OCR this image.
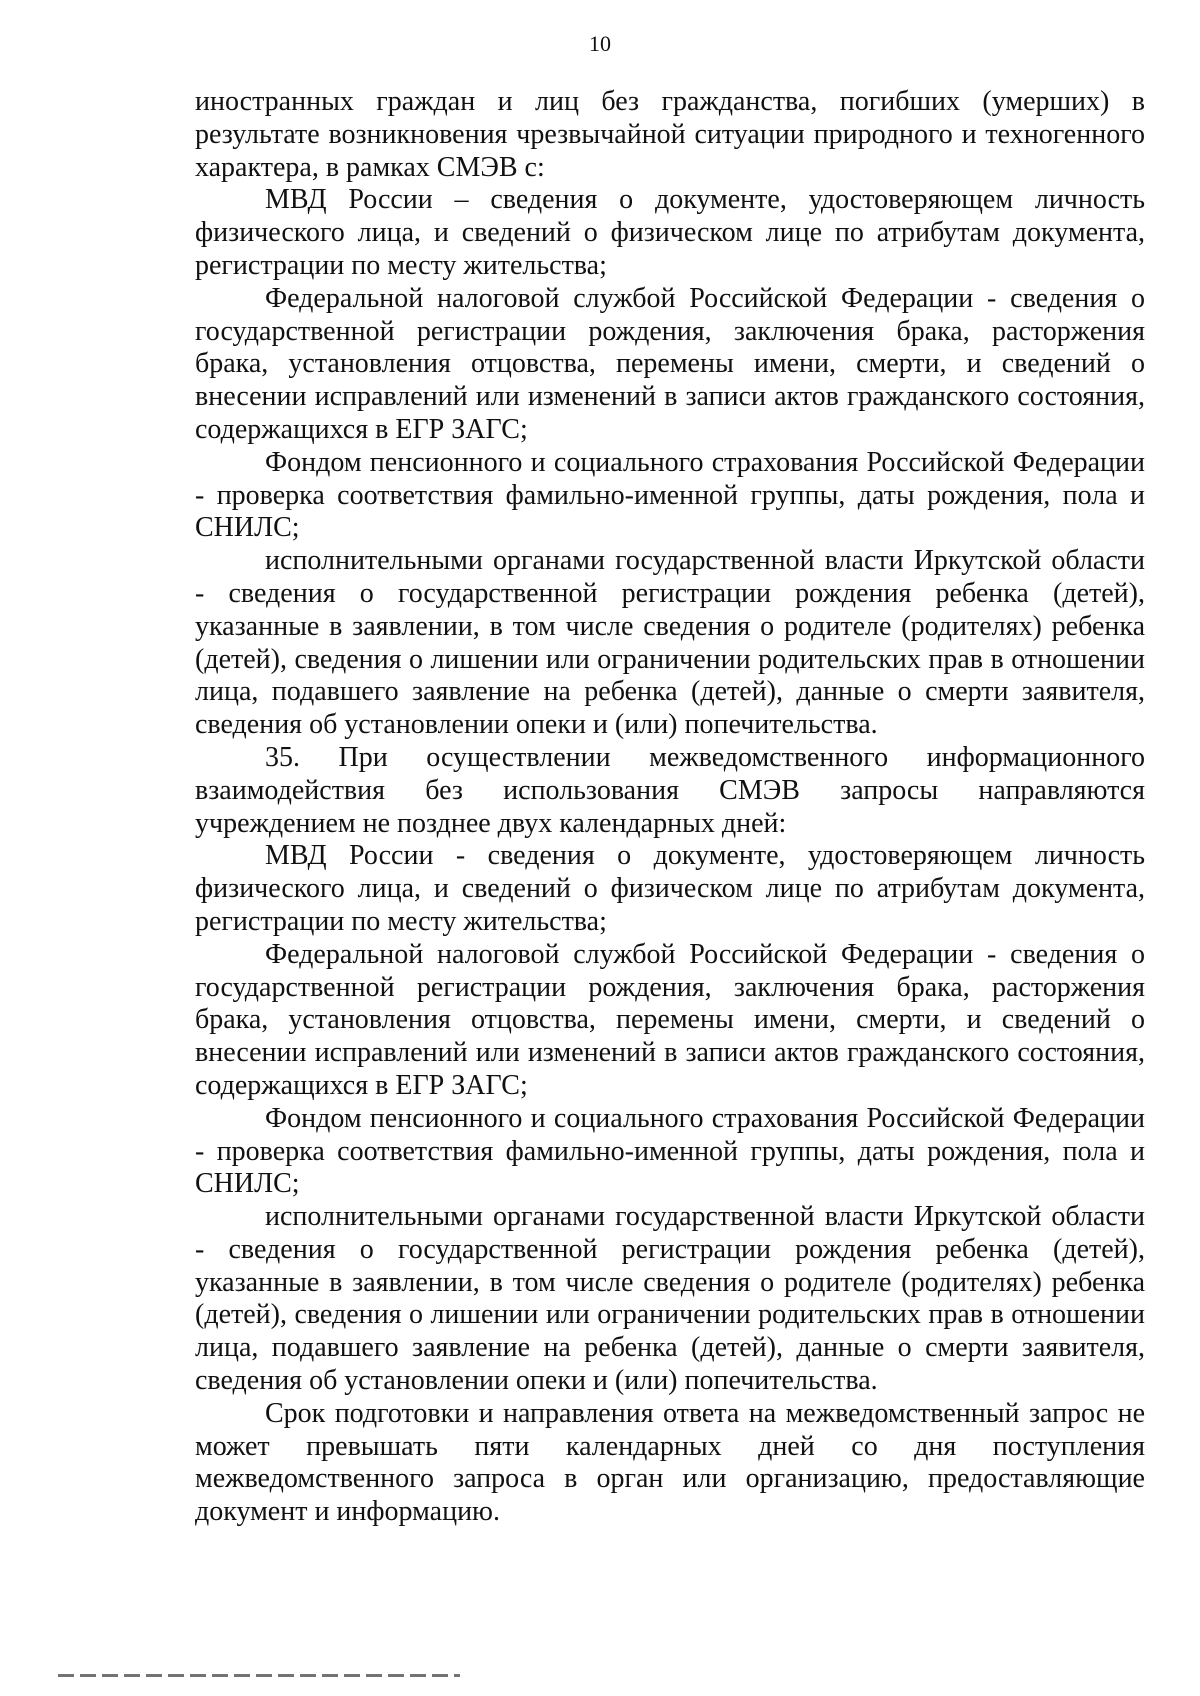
10

иностранных граждан и лиц без гражданства, погибших (умерших) в результате возникновения чрезвычайной ситуации природного и техногенного характера, в рамках СМЭВ с:

МВД России – сведения о документе, удостоверяющем личность физического лица, и сведений о физическом лице по атрибутам документа, регистрации по месту жительства;

Федеральной налоговой службой Российской Федерации - сведения о государственной регистрации рождения, заключения брака, расторжения брака, установления отцовства, перемены имени, смерти, и сведений о внесении исправлений или изменений в записи актов гражданского состояния, содержащихся в ЕГР ЗАГС;

Фондом пенсионного и социального страхования Российской Федерации - проверка соответствия фамильно-именной группы, даты рождения, пола и СНИЛС;

исполнительными органами государственной власти Иркутской области - сведения о государственной регистрации рождения ребенка (детей), указанные в заявлении, в том числе сведения о родителе (родителях) ребенка (детей), сведения о лишении или ограничении родительских прав в отношении лица, подавшего заявление на ребенка (детей), данные о смерти заявителя, сведения об установлении опеки и (или) попечительства.

35. При осуществлении межведомственного информационного взаимодействия без использования СМЭВ запросы направляются учреждением не позднее двух календарных дней:

МВД России - сведения о документе, удостоверяющем личность физического лица, и сведений о физическом лице по атрибутам документа, регистрации по месту жительства;

Федеральной налоговой службой Российской Федерации - сведения о государственной регистрации рождения, заключения брака, расторжения брака, установления отцовства, перемены имени, смерти, и сведений о внесении исправлений или изменений в записи актов гражданского состояния, содержащихся в ЕГР ЗАГС;

Фондом пенсионного и социального страхования Российской Федерации - проверка соответствия фамильно-именной группы, даты рождения, пола и СНИЛС;

исполнительными органами государственной власти Иркутской области - сведения о государственной регистрации рождения ребенка (детей), указанные в заявлении, в том числе сведения о родителе (родителях) ребенка (детей), сведения о лишении или ограничении родительских прав в отношении лица, подавшего заявление на ребенка (детей), данные о смерти заявителя, сведения об установлении опеки и (или) попечительства.

Срок подготовки и направления ответа на межведомственный запрос не может превышать пяти календарных дней со дня поступления межведомственного запроса в орган или организацию, предоставляющие документ и информацию.
